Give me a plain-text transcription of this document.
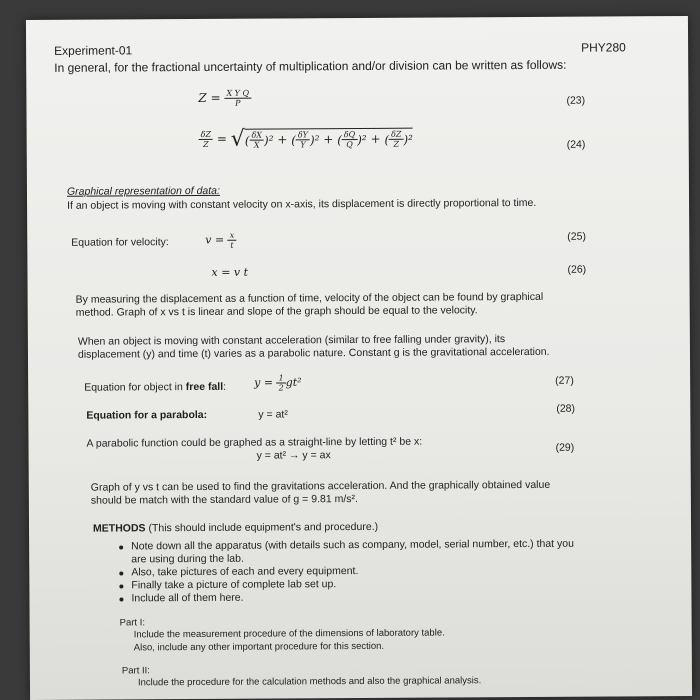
Experiment-01	PHY280
In general, for the fractional uncertainty of multiplication and/or division can be written as follows:
$Z = \frac{\text{X Y Q}}{P}$	(23)
$\frac{\delta Z}{Z}$ = √( $\frac{\delta X}{X} )^2$ + ( $\frac{\delta Y}{Y} )^2$ + ( $\frac{\delta Q}{Q} )^2$ + ( $\frac{\delta Z}{Z} )^2$	(24)
Graphical representation of data:
If an object is moving with constant velocity on x-axis, its displacement is directly proportional to time.
Equation for velocity:	$v = \frac{x}{t}$	(25)
x = v t	(26)
By measuring the displacement as a function of time, velocity of the object can be found by graphical
method. Graph of x vs t is linear and slope of the graph should be equal to the velocity.
When an object is moving with constant acceleration (similar to free falling under gravity), its
displacement (y) and time (t) varies as a parabolic nature. Constant g is the gravitational acceleration.
Equation for object in free fall:	$y = \frac{1}{2} gt^2$	(27)
Equation for a parabola:	y = at²	(28)
A parabolic function could be graphed as a straight-line by letting t² be x:
y = at² → y = ax
(29)
Graph of y vs t can be used to find the gravitations acceleration. And the graphically obtained value
should be match with the standard value of g = 9.81 m/s².
METHODS (This should include equipment's and procedure.)
Note down all the apparatus (with details such as company, model, serial number, etc.) that you
are using during the lab.
Also, take pictures of each and every equipment.
Finally take a picture of complete lab set up.
Include all of them here.
Part I:
Include the measurement procedure of the dimensions of laboratory table.
Also, include any other important procedure for this section.
Part II:
Include the procedure for the calculation methods and also the graphical analysis.
